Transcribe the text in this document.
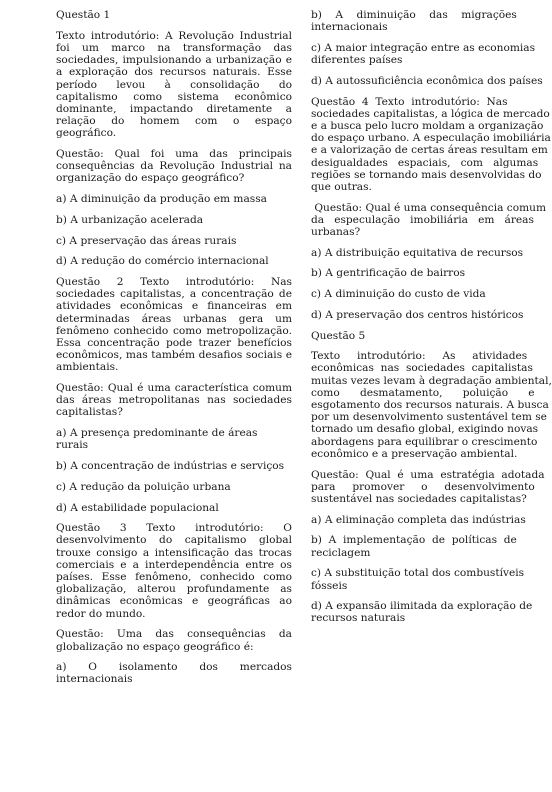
Questão 1
Texto introdutório: A Revolução Industrial foi um marco na transformação das sociedades, impulsionando a urbanização e a exploração dos recursos naturais. Esse período levou à consolidação do capitalismo como sistema econômico dominante, impactando diretamente a relação do homem com o espaço geográfico.
Questão: Qual foi uma das principais consequências da Revolução Industrial na organização do espaço geográfico?
a) A diminuição da produção em massa
b) A urbanização acelerada
c) A preservação das áreas rurais
d) A redução do comércio internacional
Questão 2 Texto introdutório: Nas sociedades capitalistas, a concentração de atividades econômicas e financeiras em determinadas áreas urbanas gera um fenômeno conhecido como metropolização. Essa concentração pode trazer benefícios econômicos, mas também desafios sociais e ambientais.
Questão: Qual é uma característica comum das áreas metropolitanas nas sociedades capitalistas?
a) A presença predominante de áreas rurais
b) A concentração de indústrias e serviços
c) A redução da poluição urbana
d) A estabilidade populacional
Questão 3 Texto introdutório: O desenvolvimento do capitalismo global trouxe consigo a intensificação das trocas comerciais e a interdependência entre os países. Esse fenômeno, conhecido como globalização, alterou profundamente as dinâmicas econômicas e geográficas ao redor do mundo.
Questão: Uma das consequências da globalização no espaço geográfico é:
a) O isolamento dos mercados internacionais
b)    A    diminuição    das    migrações
internacionais
c) A maior integração entre as economias
diferentes países
d) A autossuficiência econômica dos países
Questão  4  Texto  introdutório:  Nas
sociedades capitalistas, a lógica de mercado
e a busca pelo lucro moldam a organização
do espaço urbano. A especulação imobiliária
e a valorização de certas áreas resultam em
desigualdades   espaciais,   com   algumas
regiões se tornando mais desenvolvidas do
que outras.
Questão: Qual é uma consequência comum
da   especulação   imobiliária   em   áreas
urbanas?
a) A distribuição equitativa de recursos
b) A gentrificação de bairros
c) A diminuição do custo de vida
d) A preservação dos centros históricos
Questão 5
Texto     introdutório:     As     atividades
econômicas  nas  sociedades  capitalistas
muitas vezes levam à degradação ambiental,
como      desmatamento,      poluição      e
esgotamento dos recursos naturais. A busca
por um desenvolvimento sustentável tem se
tornado um desafio global, exigindo novas
abordagens para equilibrar o crescimento
econômico e a preservação ambiental.
Questão:  Qual  é  uma  estratégia  adotada
para     promover     o     desenvolvimento
sustentável nas sociedades capitalistas?
a) A eliminação completa das indústrias
b)  A  implementação  de  políticas  de
reciclagem
c) A substituição total dos combustíveis
fósseis
d) A expansão ilimitada da exploração de
recursos naturais
